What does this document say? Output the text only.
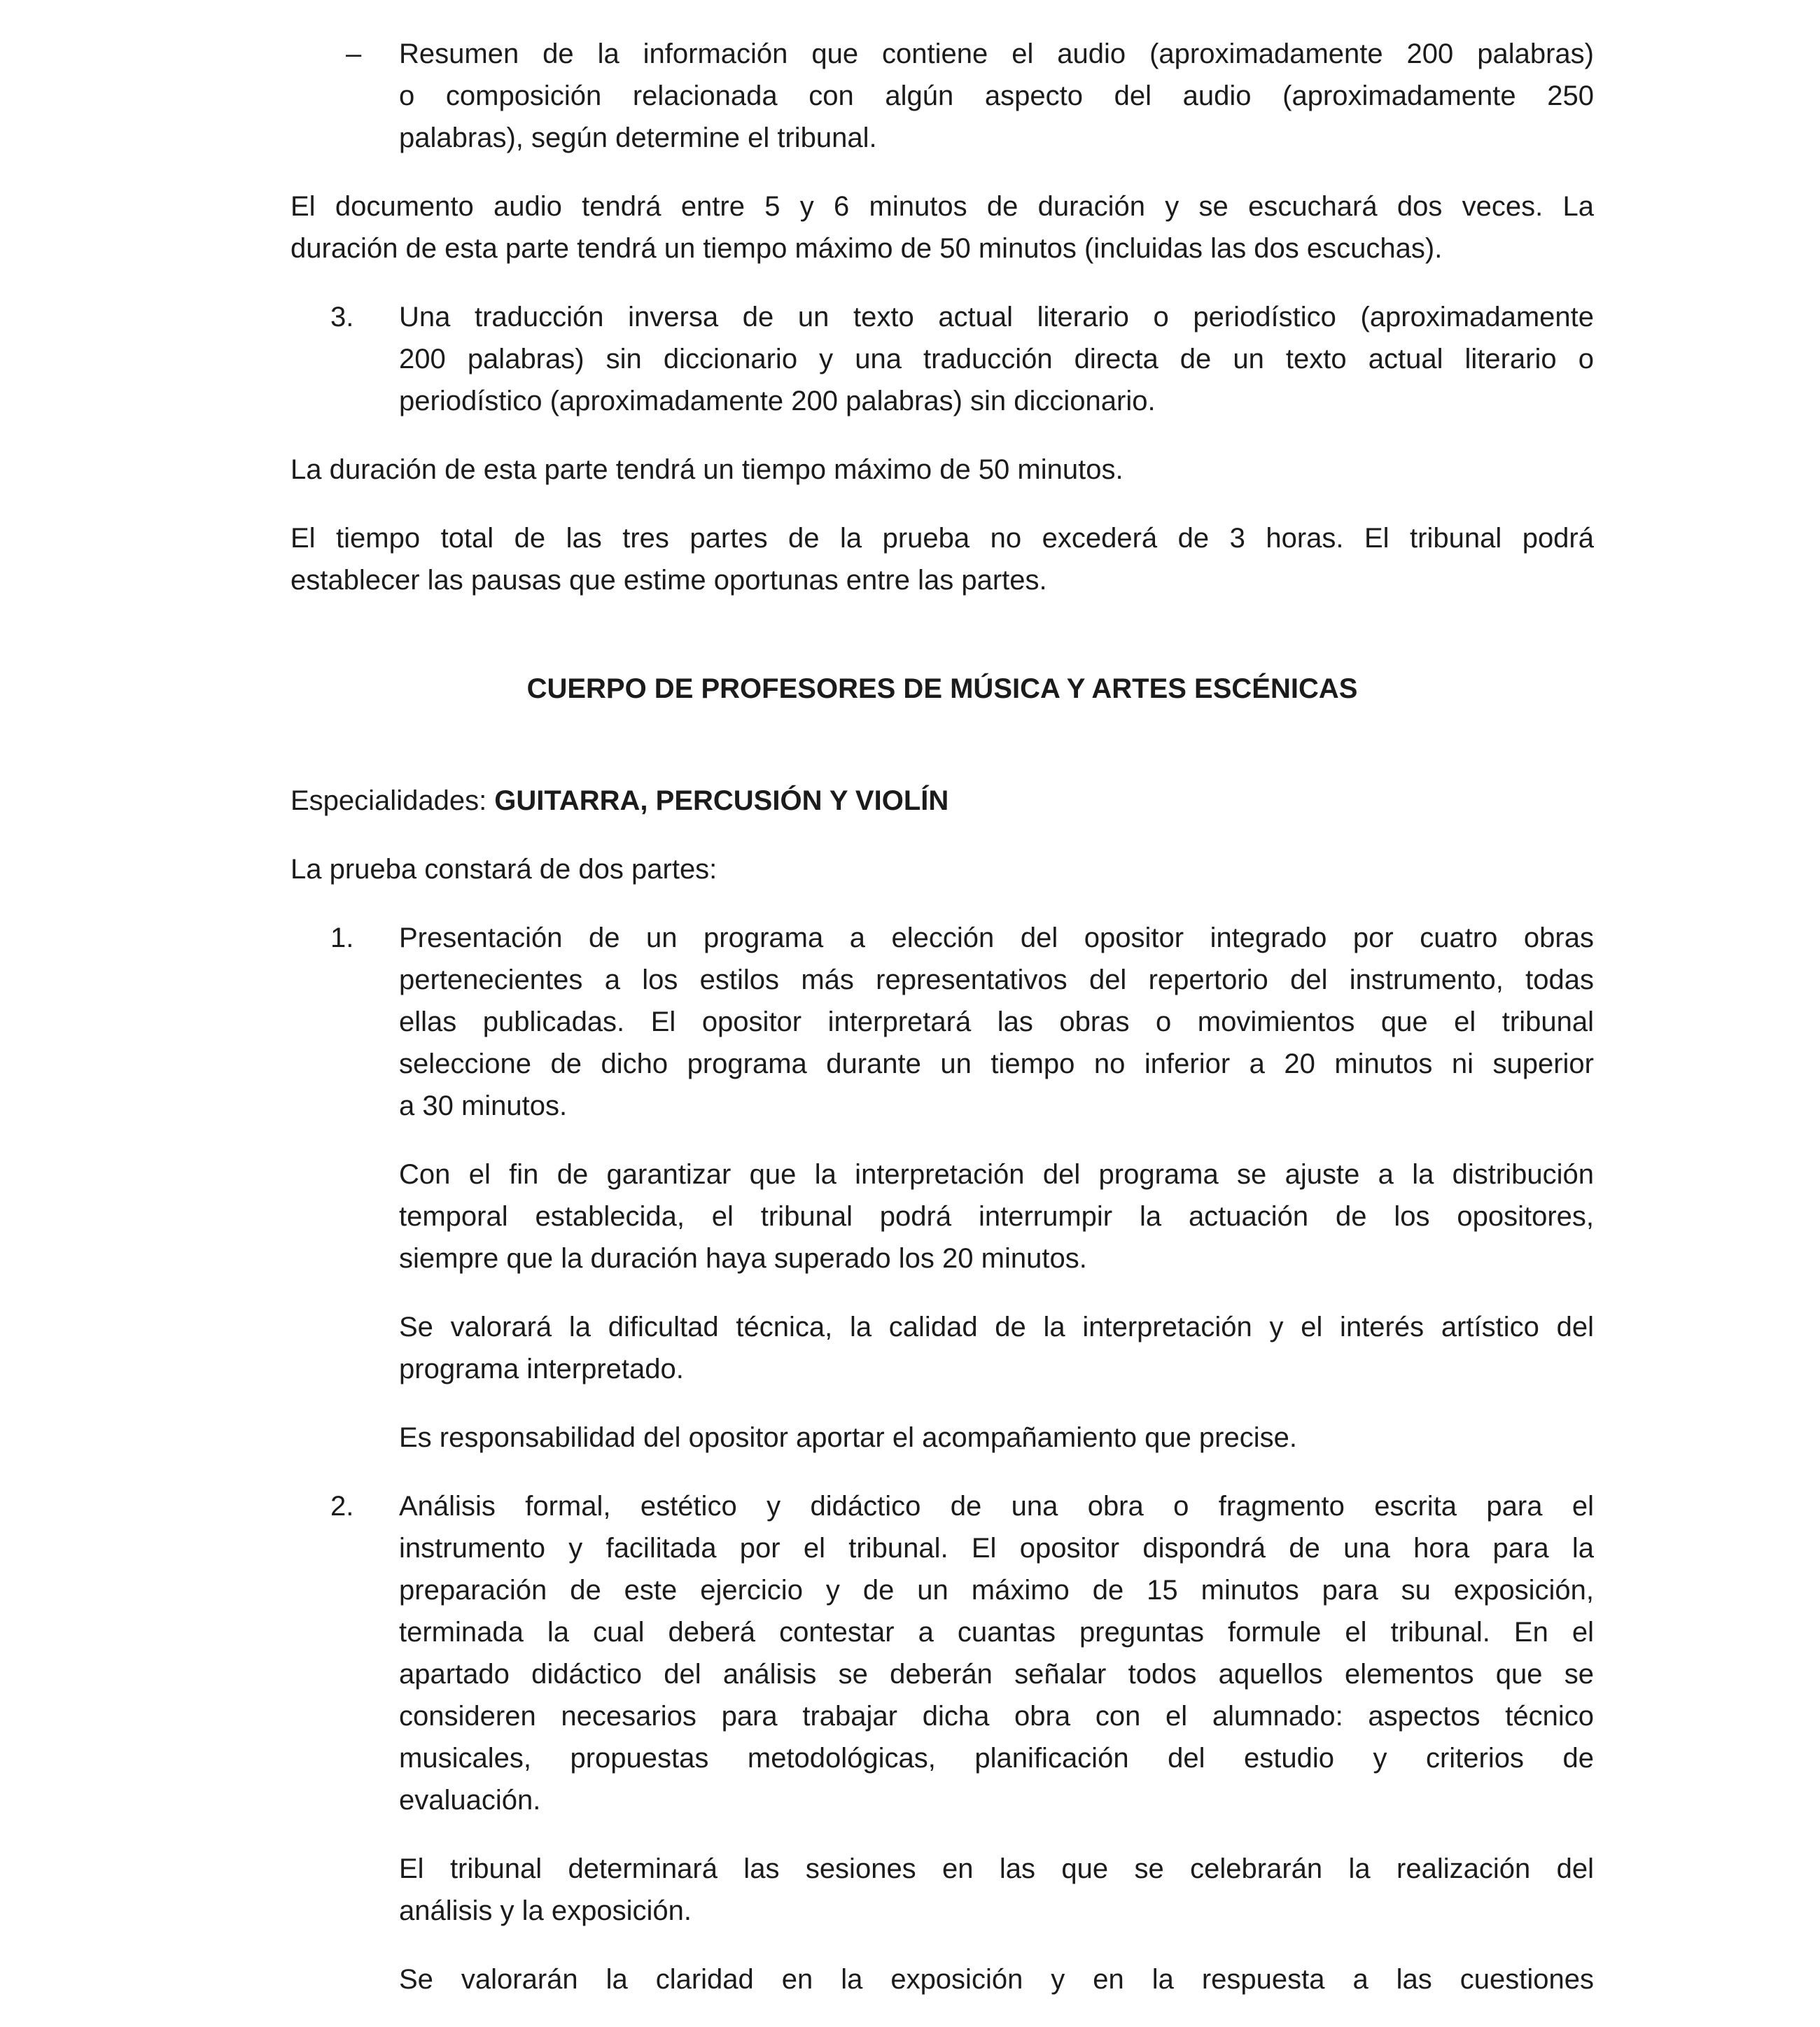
– Resumen de la información que contiene el audio (aproximadamente 200 palabras)
o composición relacionada con algún aspecto del audio (aproximadamente 250
palabras), según determine el tribunal.
El documento audio tendrá entre 5 y 6 minutos de duración y se escuchará dos veces. La
duración de esta parte tendrá un tiempo máximo de 50 minutos (incluidas las dos escuchas).
3. Una traducción inversa de un texto actual literario o periodístico (aproximadamente
200 palabras) sin diccionario y una traducción directa de un texto actual literario o
periodístico (aproximadamente 200 palabras) sin diccionario.
La duración de esta parte tendrá un tiempo máximo de 50 minutos.
El tiempo total de las tres partes de la prueba no excederá de 3 horas. El tribunal podrá
establecer las pausas que estime oportunas entre las partes.
CUERPO DE PROFESORES DE MÚSICA Y ARTES ESCÉNICAS
Especialidades: GUITARRA, PERCUSIÓN Y VIOLÍN
La prueba constará de dos partes:
1. Presentación de un programa a elección del opositor integrado por cuatro obras
pertenecientes a los estilos más representativos del repertorio del instrumento, todas
ellas publicadas. El opositor interpretará las obras o movimientos que el tribunal
seleccione de dicho programa durante un tiempo no inferior a 20 minutos ni superior
a 30 minutos.
Con el fin de garantizar que la interpretación del programa se ajuste a la distribución
temporal establecida, el tribunal podrá interrumpir la actuación de los opositores,
siempre que la duración haya superado los 20 minutos.
Se valorará la dificultad técnica, la calidad de la interpretación y el interés artístico del
programa interpretado.
Es responsabilidad del opositor aportar el acompañamiento que precise.
2. Análisis formal, estético y didáctico de una obra o fragmento escrita para el
instrumento y facilitada por el tribunal. El opositor dispondrá de una hora para la
preparación de este ejercicio y de un máximo de 15 minutos para su exposición,
terminada la cual deberá contestar a cuantas preguntas formule el tribunal. En el
apartado didáctico del análisis se deberán señalar todos aquellos elementos que se
consideren necesarios para trabajar dicha obra con el alumnado: aspectos técnico
musicales, propuestas metodológicas, planificación del estudio y criterios de
evaluación.
El tribunal determinará las sesiones en las que se celebrarán la realización del
análisis y la exposición.
Se valorarán la claridad en la exposición y en la respuesta a las cuestiones
